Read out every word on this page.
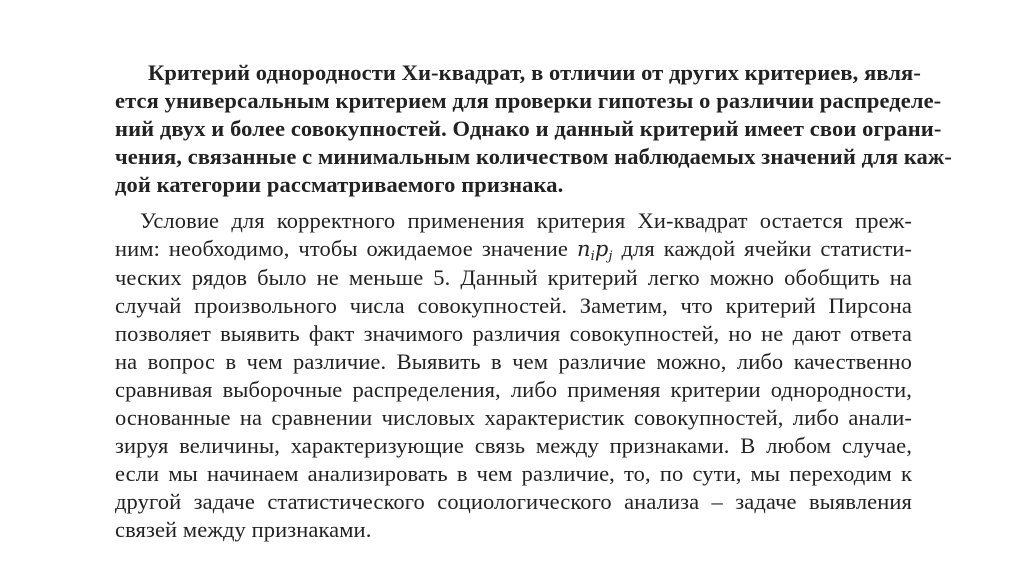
Критерий однородности Хи-квадрат, в отличии от других критериев, явля-
ется универсальным критерием для проверки гипотезы о различии распределе-
ний двух и более совокупностей. Однако и данный критерий имеет свои ограни-
чения, связанные с минимальным количеством наблюдаемых значений для каж-
дой категории рассматриваемого признака.
Условие для корректного применения критерия Хи-квадрат остается преж-
ним: необходимо, чтобы ожидаемое значение $n_ip_j$ для каждой ячейки статисти-
ческих рядов было не меньше 5. Данный критерий легко можно обобщить на
случай произвольного числа совокупностей. Заметим, что критерий Пирсона
позволяет выявить факт значимого различия совокупностей, но не дают ответа
на вопрос в чем различие. Выявить в чем различие можно, либо качественно
сравнивая выборочные распределения, либо применяя критерии однородности,
основанные на сравнении числовых характеристик совокупностей, либо анали-
зируя величины, характеризующие связь между признаками. В любом случае,
если мы начинаем анализировать в чем различие, то, по сути, мы переходим к
другой задаче статистического социологического анализа – задаче выявления
связей между признаками.
